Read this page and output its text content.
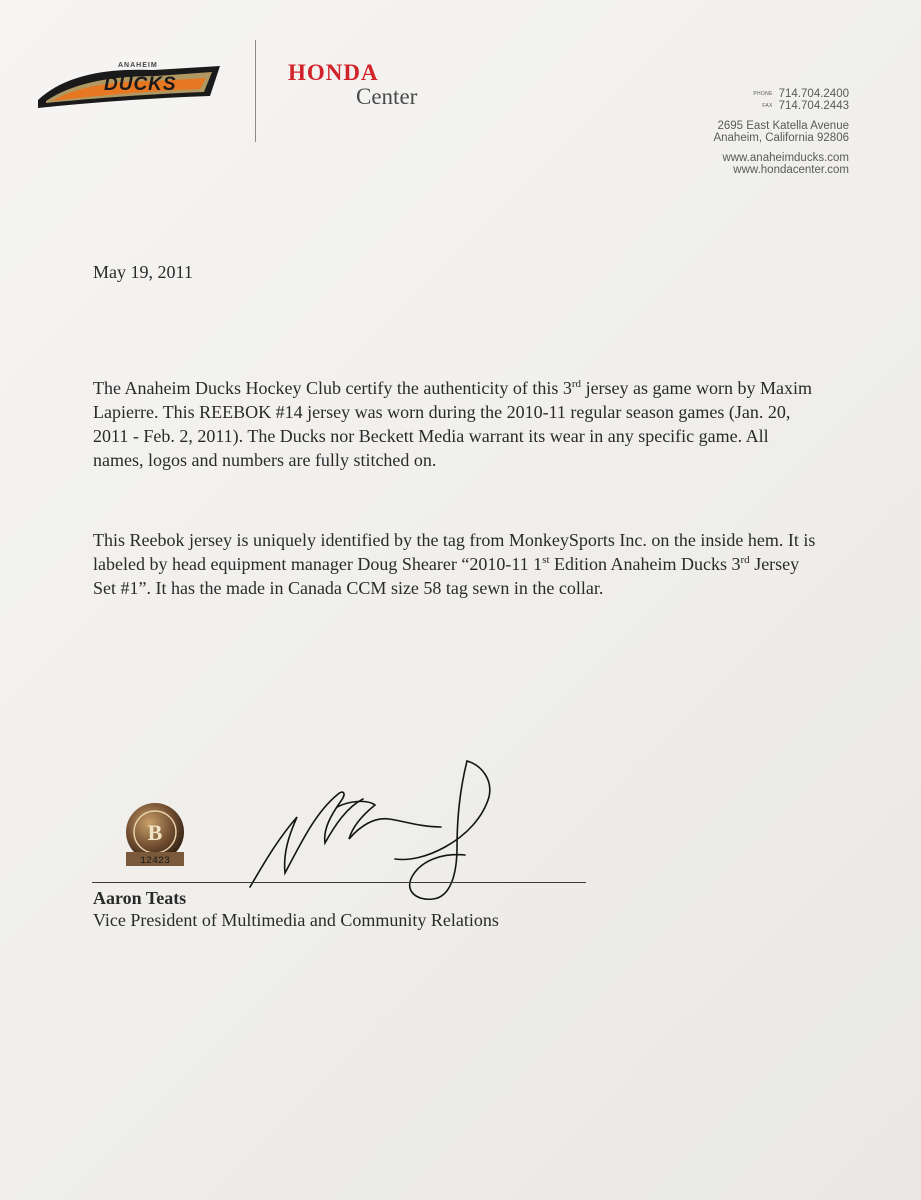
ANAHEIM
DUCKS	HONDA
Center	PHONE 714.704.2400
FAX 714.704.2443
2695 East Katella Avenue
Anaheim, California 92806
www.anaheimducks.com
www.hondacenter.com
May 19, 2011
The Anaheim Ducks Hockey Club certify the authenticity of this 3rd jersey as game worn by Maxim Lapierre. This REEBOK #14 jersey was worn during the 2010-11 regular season games (Jan. 20, 2011 - Feb. 2, 2011). The Ducks nor Beckett Media warrant its wear in any specific game. All names, logos and numbers are fully stitched on.
This Reebok jersey is uniquely identified by the tag from MonkeySports Inc. on the inside hem. It is labeled by head equipment manager Doug Shearer “2010-11 1st Edition Anaheim Ducks 3rd Jersey Set #1”. It has the made in Canada CCM size 58 tag sewn in the collar.
B
12423
Aaron Teats
Vice President of Multimedia and Community Relations
